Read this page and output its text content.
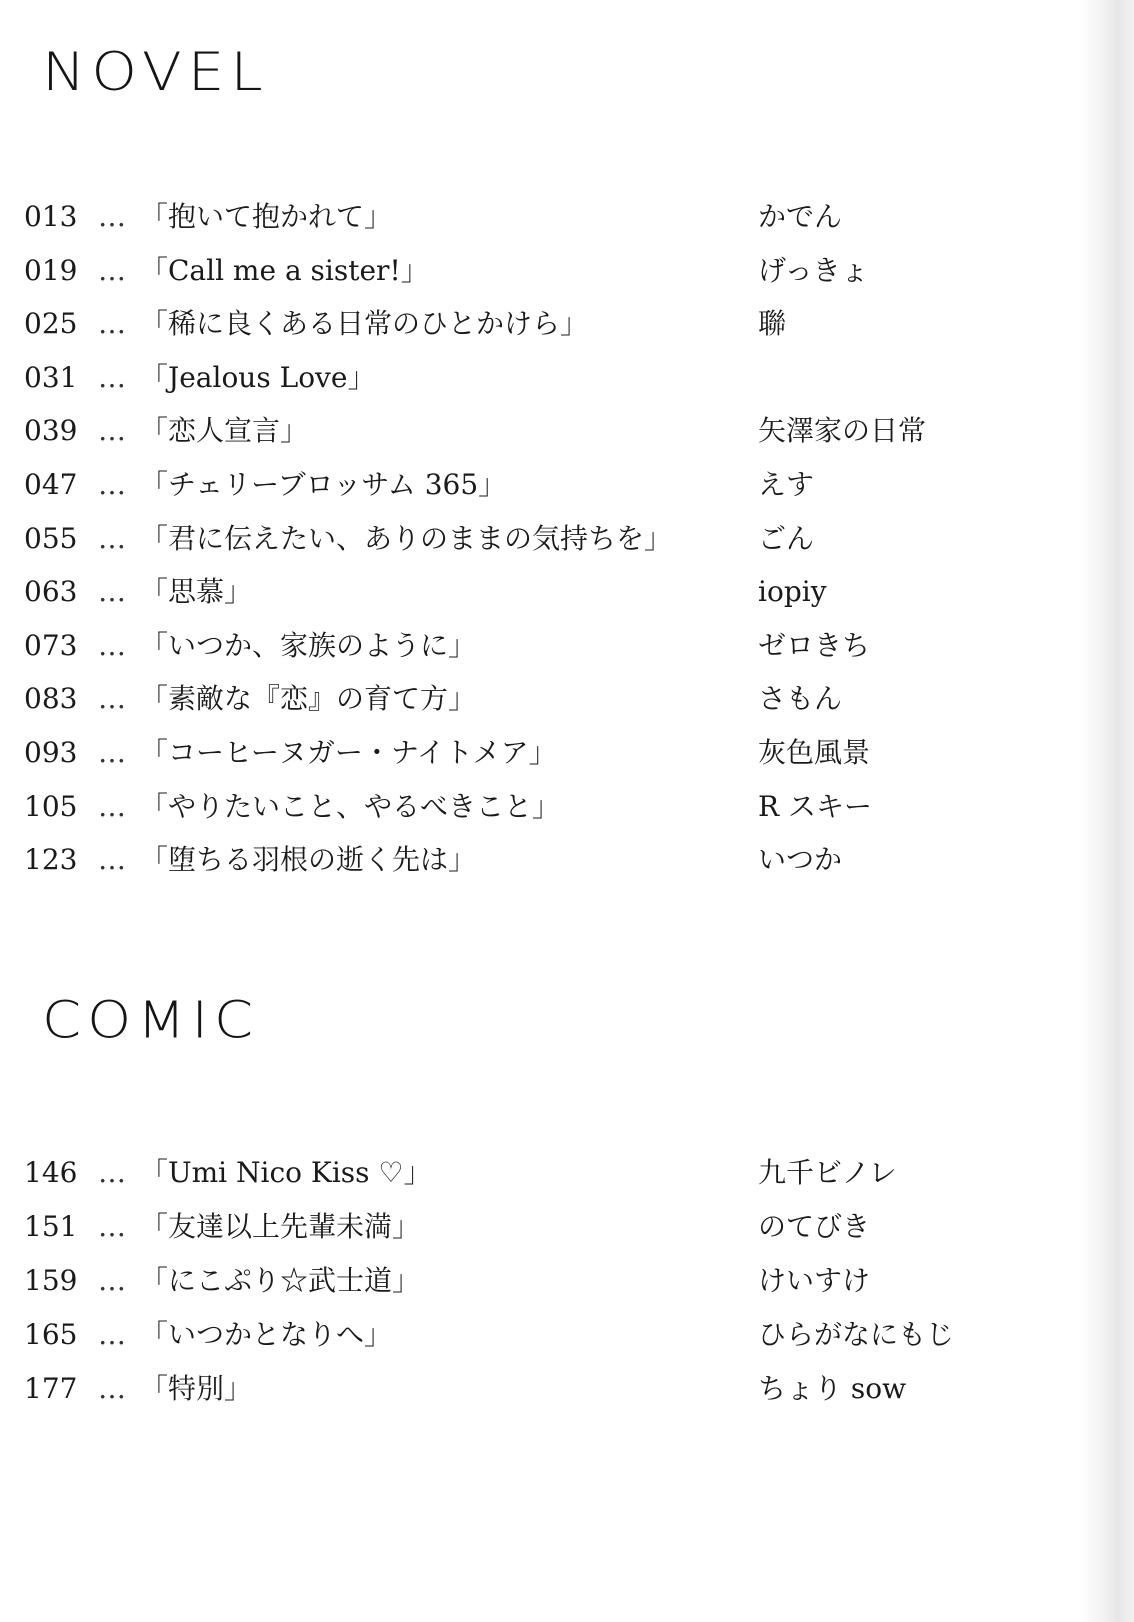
NOVEL
013 … 「抱いて抱かれて」	かでん
019 … 「Call me a sister!」	げっきょ
025 … 「稀に良くある日常のひとかけら」	聯
031 … 「Jealous Love」
039 … 「恋人宣言」	矢澤家の日常
047 … 「チェリーブロッサム 365」	えす
055 … 「君に伝えたい、ありのままの気持ちを」	ごん
063 … 「思慕」	iopiy
073 … 「いつか、家族のように」	ゼロきち
083 … 「素敵な『恋』の育て方」	さもん
093 … 「コーヒーヌガー・ナイトメア」	灰色風景
105 … 「やりたいこと、やるべきこと」	R スキー
123 … 「堕ちる羽根の逝く先は」	いつか
COMIC
146 … 「Umi Nico Kiss ♡」	九千ビノレ
151 … 「友達以上先輩未満」	のてびき
159 … 「にこぷり☆武士道」	けいすけ
165 … 「いつかとなりへ」	ひらがなにもじ
177 … 「特別」	ちょり sow
